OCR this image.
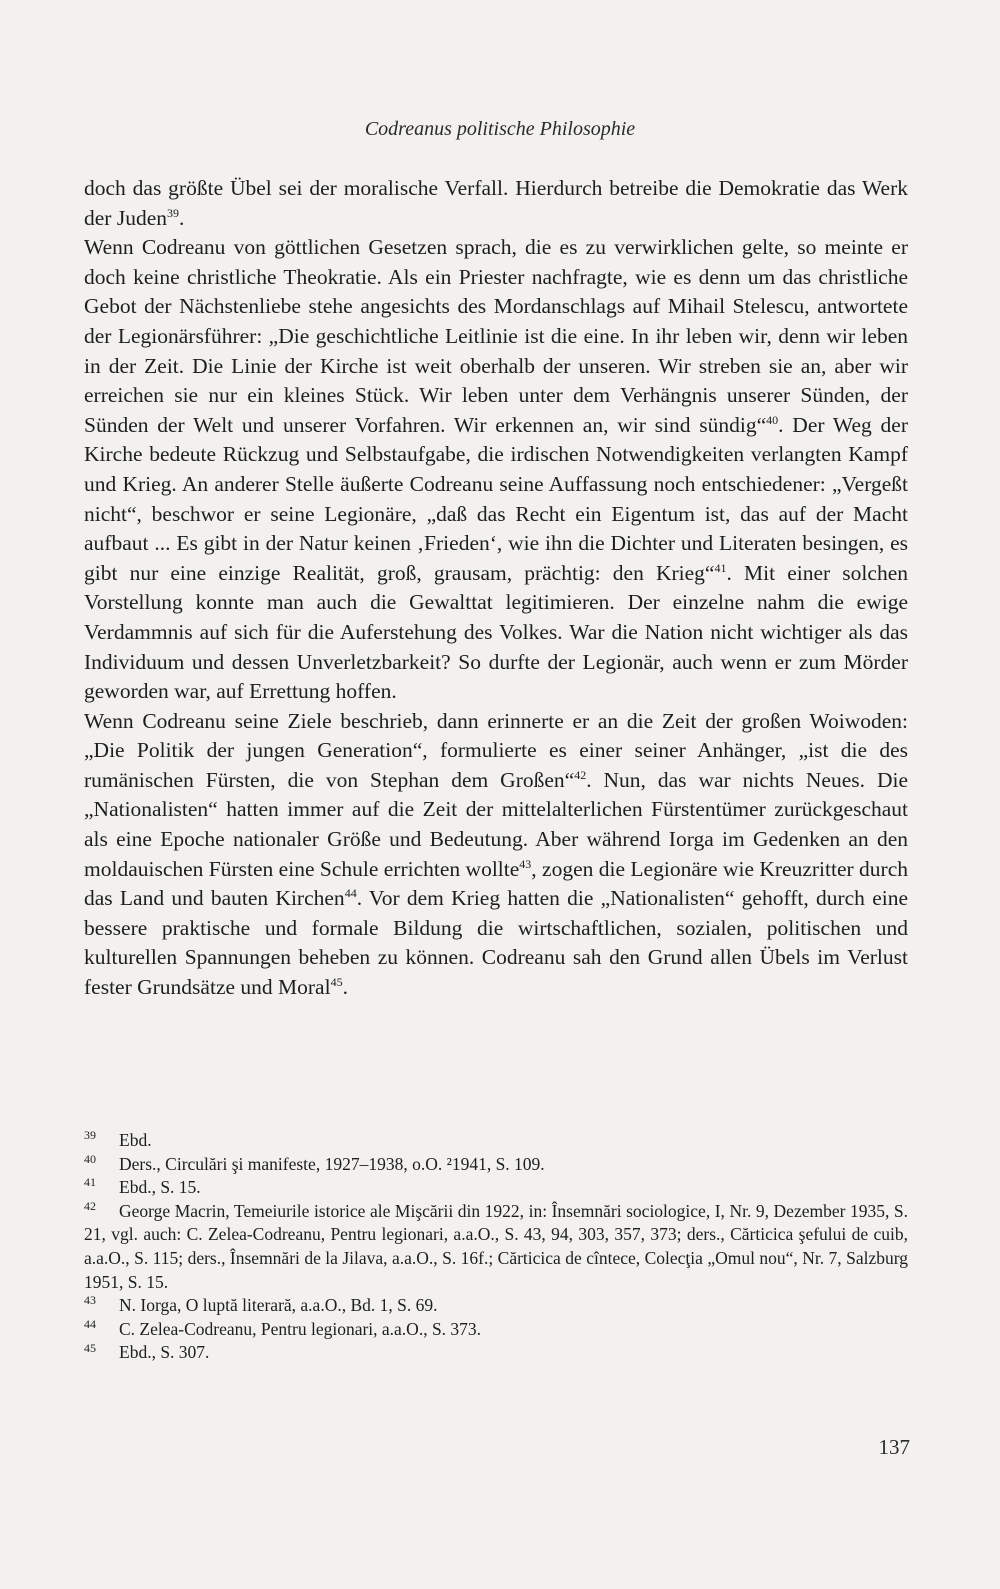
Codreanus politische Philosophie

doch das größte Übel sei der moralische Verfall. Hierdurch betreibe die Demokratie das Werk der Juden$^{39}$.

Wenn Codreanu von göttlichen Gesetzen sprach, die es zu verwirklichen gelte, so meinte er doch keine christliche Theokratie. Als ein Priester nachfragte, wie es denn um das christliche Gebot der Nächstenliebe stehe angesichts des Mordanschlags auf Mihail Stelescu, antwortete der Legionärsführer: „Die geschichtliche Leitlinie ist die eine. In ihr leben wir, denn wir leben in der Zeit. Die Linie der Kirche ist weit oberhalb der unseren. Wir streben sie an, aber wir erreichen sie nur ein kleines Stück. Wir leben unter dem Verhängnis unserer Sünden, der Sünden der Welt und unserer Vorfahren. Wir erkennen an, wir sind sündig“$^{40}$. Der Weg der Kirche bedeute Rückzug und Selbstaufgabe, die irdischen Notwendigkeiten verlangten Kampf und Krieg. An anderer Stelle äußerte Codreanu seine Auffassung noch entschiedener: „Vergeßt nicht“, beschwor er seine Legionäre, „daß das Recht ein Eigentum ist, das auf der Macht aufbaut ... Es gibt in der Natur keinen ‚Frieden‘, wie ihn die Dichter und Literaten besingen, es gibt nur eine einzige Realität, groß, grausam, prächtig: den Krieg“$^{41}$. Mit einer solchen Vorstellung konnte man auch die Gewalttat legitimieren. Der einzelne nahm die ewige Verdammnis auf sich für die Auferstehung des Volkes. War die Nation nicht wichtiger als das Individuum und dessen Unverletzbarkeit? So durfte der Legionär, auch wenn er zum Mörder geworden war, auf Errettung hoffen.

Wenn Codreanu seine Ziele beschrieb, dann erinnerte er an die Zeit der großen Woiwoden: „Die Politik der jungen Generation“, formulierte es einer seiner Anhänger, „ist die des rumänischen Fürsten, die von Stephan dem Großen“$^{42}$. Nun, das war nichts Neues. Die „Nationalisten“ hatten immer auf die Zeit der mittelalterlichen Fürstentümer zurückgeschaut als eine Epoche nationaler Größe und Bedeutung. Aber während Iorga im Gedenken an den moldauischen Fürsten eine Schule errichten wollte$^{43}$, zogen die Legionäre wie Kreuzritter durch das Land und bauten Kirchen$^{44}$. Vor dem Krieg hatten die „Nationalisten“ gehofft, durch eine bessere praktische und formale Bildung die wirtschaftlichen, sozialen, politischen und kulturellen Spannungen beheben zu können. Codreanu sah den Grund allen Übels im Verlust fester Grundsätze und Moral$^{45}$.

39 Ebd.

40 Ders., Circulări şi manifeste, 1927–1938, o.O. ²1941, S. 109.

41 Ebd., S. 15.

42 George Macrin, Temeiurile istorice ale Mişcării din 1922, in: Însemnări sociologice, I, Nr. 9, Dezember 1935, S. 21, vgl. auch: C. Zelea-Codreanu, Pentru legionari, a.a.O., S. 43, 94, 303, 357, 373; ders., Cărticica şefului de cuib, a.a.O., S. 115; ders., Însemnări de la Jilava, a.a.O., S. 16f.; Cărticica de cîntece, Colecţia „Omul nou“, Nr. 7, Salzburg 1951, S. 15.

43 N. Iorga, O luptă literară, a.a.O., Bd. 1, S. 69.

44 C. Zelea-Codreanu, Pentru legionari, a.a.O., S. 373.

45 Ebd., S. 307.

137
